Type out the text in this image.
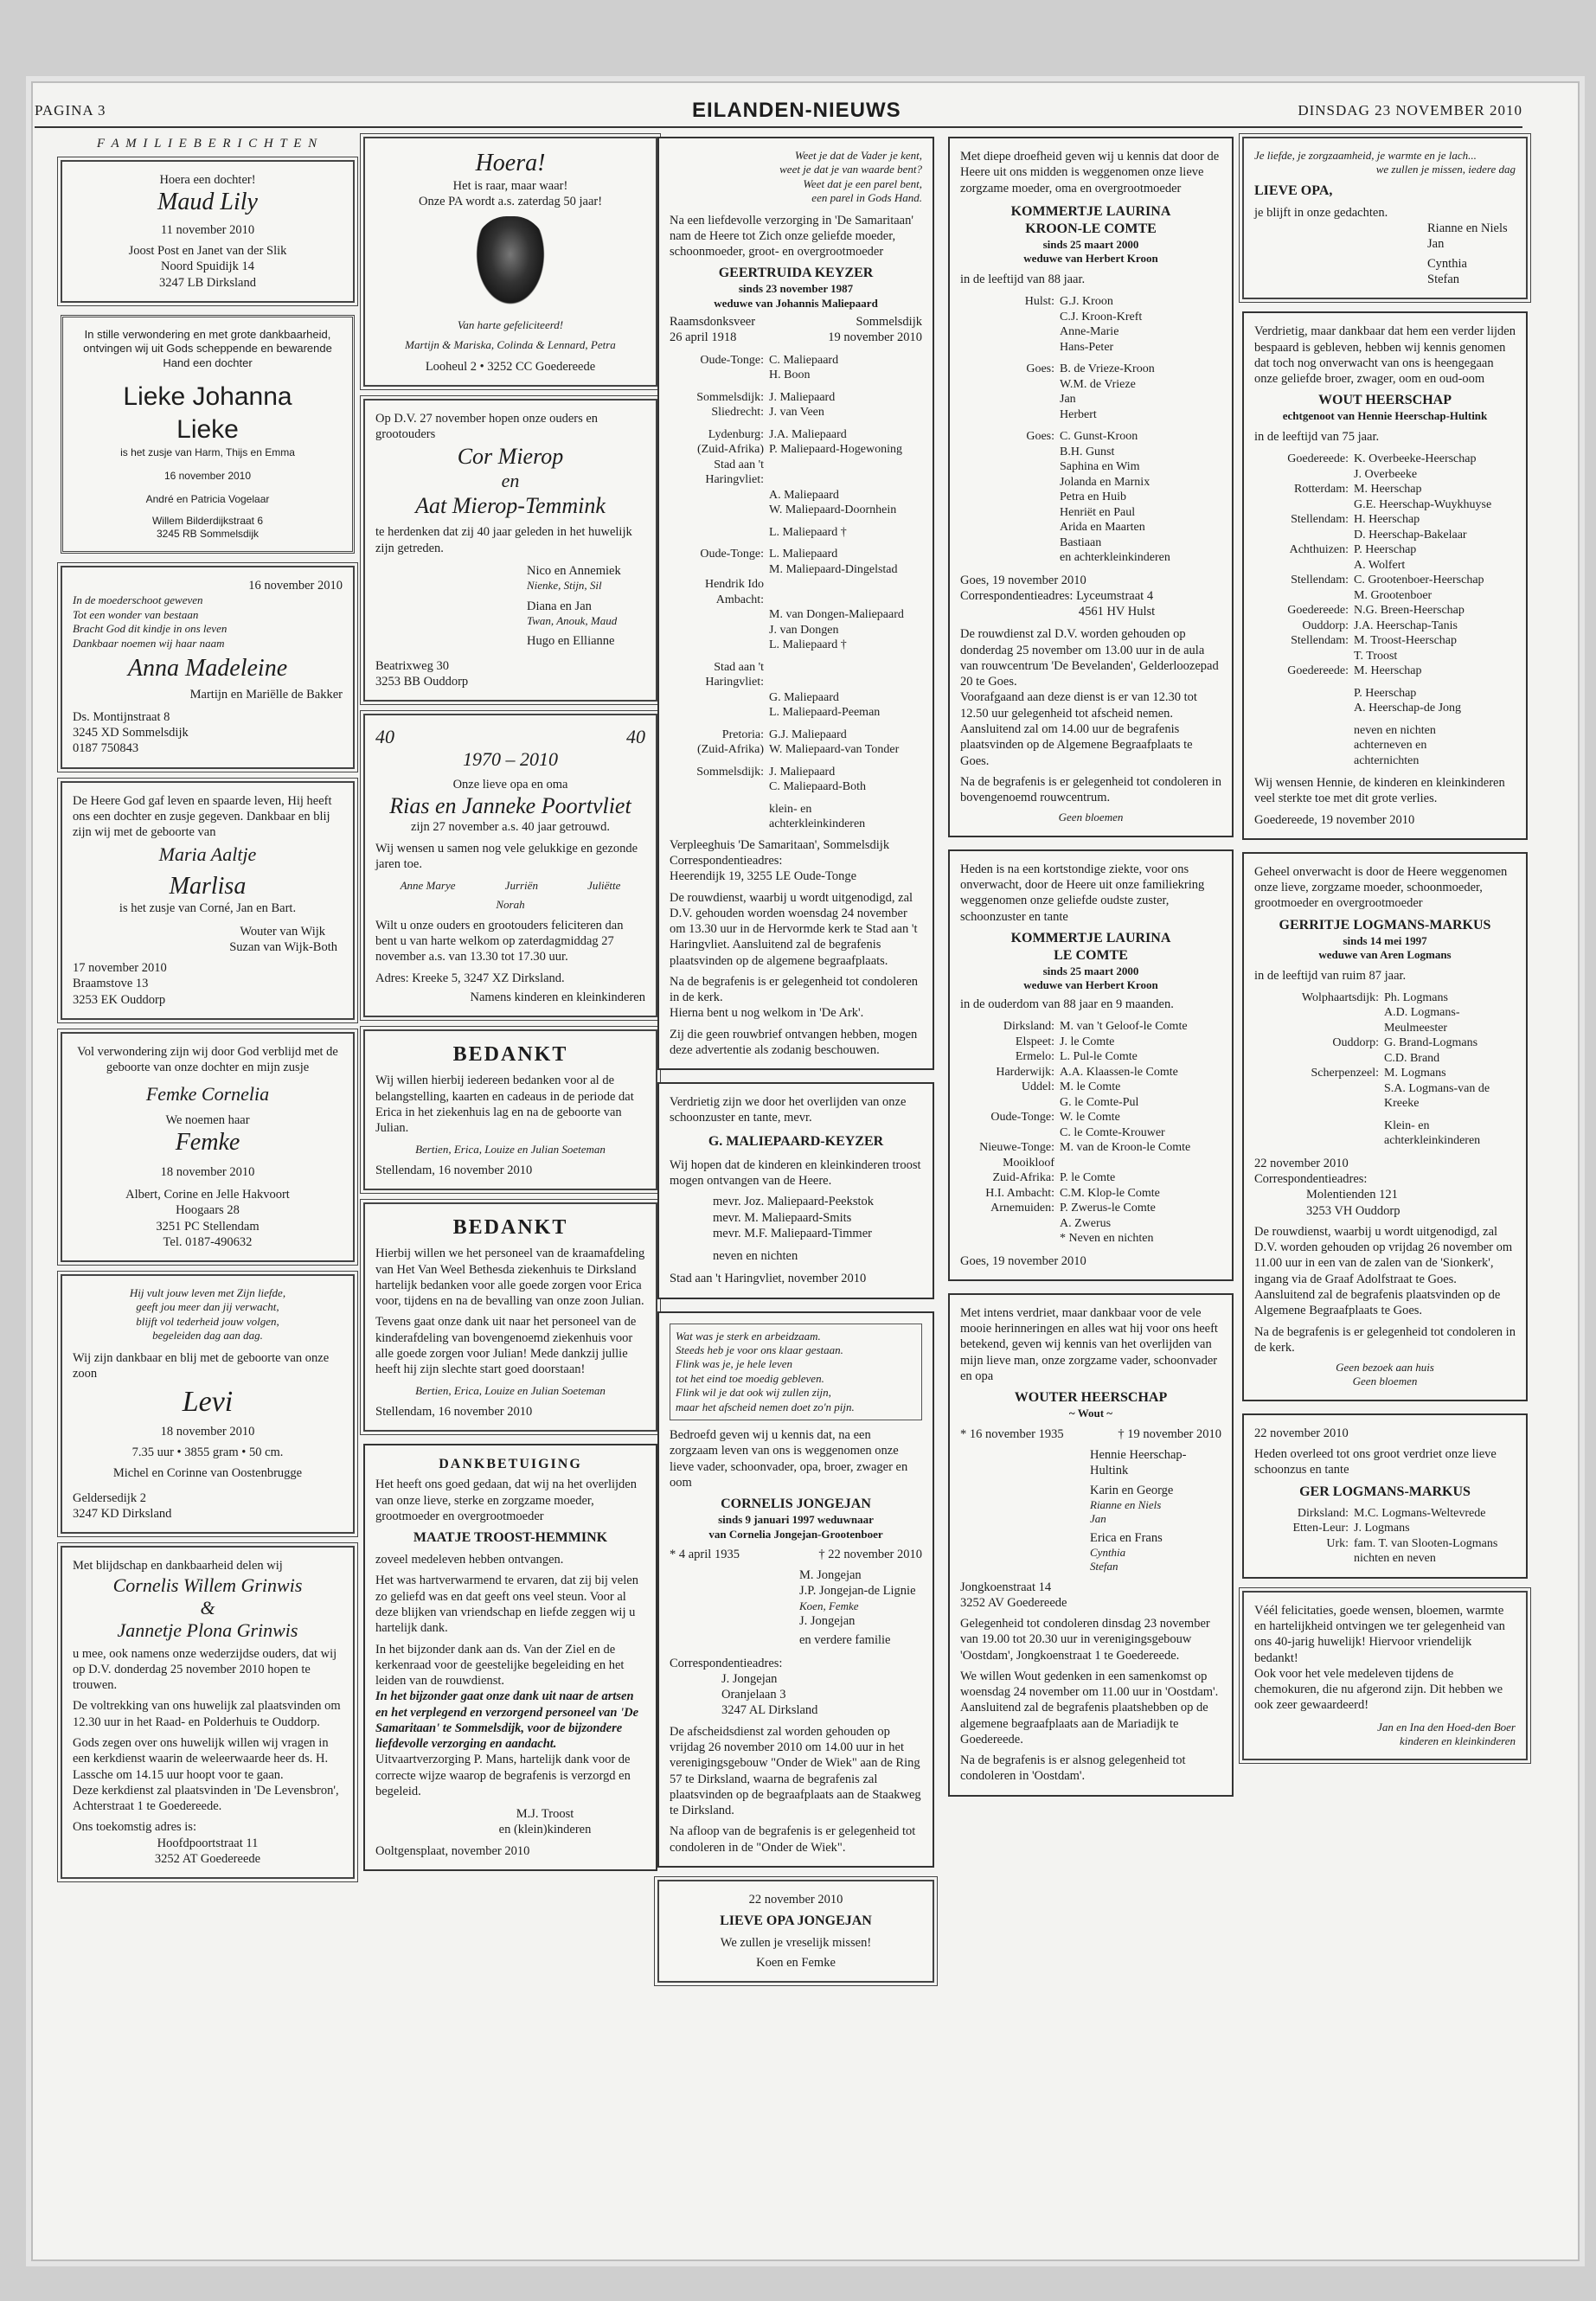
PAGINA 3	EILANDEN-NIEUWS	DINSDAG 23 NOVEMBER 2010
F A M I L I E B E R I C H T E N
Hoera een dochter!
Maud Lily
11 november 2010
Joost Post en Janet van der Slik
Noord Spuidijk 14
3247 LB Dirksland
In stille verwondering en met grote dankbaarheid, ontvingen wij uit Gods scheppende en bewarende Hand een dochter
Lieke Johanna
Lieke
is het zusje van Harm, Thijs en Emma
16 november 2010
André en Patricia Vogelaar
Willem Bilderdijkstraat 6
3245 RB Sommelsdijk
16 november 2010
In de moederschoot geweven
Tot een wonder van bestaan
Bracht God dit kindje in ons leven
Dankbaar noemen wij haar naam
Anna Madeleine
Martijn en Mariëlle de Bakker
Ds. Montijnstraat 8
3245 XD Sommelsdijk
0187 750843
De Heere God gaf leven en spaarde leven, Hij heeft ons een dochter en zusje gegeven. Dankbaar en blij zijn wij met de geboorte van
Maria Aaltje
Marlisa
is het zusje van Corné, Jan en Bart.
Wouter van Wijk
Suzan van Wijk-Both
17 november 2010
Braamstove 13
3253 EK Ouddorp
Vol verwondering zijn wij door God verblijd met de geboorte van onze dochter en mijn zusje
Femke Cornelia
We noemen haar
Femke
18 november 2010
Albert, Corine en Jelle Hakvoort
Hoogaars 28
3251 PC Stellendam
Tel. 0187-490632
Hij vult jouw leven met Zijn liefde,
geeft jou meer dan jij verwacht,
blijft vol tederheid jouw volgen,
begeleiden dag aan dag.
Wij zijn dankbaar en blij met de geboorte van onze zoon
Levi
18 november 2010
7.35 uur • 3855 gram • 50 cm.
Michel en Corinne van Oostenbrugge
Geldersedijk 2
3247 KD Dirksland
Met blijdschap en dankbaarheid delen wij
Cornelis Willem Grinwis
&
Jannetje Plona Grinwis
u mee, ook namens onze wederzijdse ouders, dat wij op D.V. donderdag 25 november 2010 hopen te trouwen.
De voltrekking van ons huwelijk zal plaatsvinden om 12.30 uur in het Raad- en Polderhuis te Ouddorp.
Gods zegen over ons huwelijk willen wij vragen in een kerkdienst waarin de weleerwaarde heer ds. H. Lassche om 14.15 uur hoopt voor te gaan.
Deze kerkdienst zal plaatsvinden in 'De Levensbron', Achterstraat 1 te Goedereede.
Ons toekomstig adres is:
Hoofdpoortstraat 11
3252 AT Goedereede
Hoera!
Het is raar, maar waar!
Onze PA wordt a.s. zaterdag 50 jaar!
Van harte gefeliciteerd!
Martijn & Mariska, Colinda & Lennard, Petra
Looheul 2 • 3252 CC Goedereede
Op D.V. 27 november hopen onze ouders en grootouders
Cor Mierop
en
Aat Mierop-Temmink
te herdenken dat zij 40 jaar geleden in het huwelijk zijn getreden.
Nico en Annemiek
Nienke, Stijn, Sil
Diana en Jan
Twan, Anouk, Maud
Hugo en Ellianne
Beatrixweg 30
3253 BB Ouddorp
40	40
1970 – 2010
Onze lieve opa en oma
Rias en Janneke Poortvliet
zijn 27 november a.s. 40 jaar getrouwd.
Wij wensen u samen nog vele gelukkige en gezonde jaren toe.
Anne Marye	Jurriën	Juliëtte
Norah
Wilt u onze ouders en grootouders feliciteren dan bent u van harte welkom op zaterdagmiddag 27 november a.s. van 13.30 tot 17.30 uur.
Adres: Kreeke 5, 3247 XZ Dirksland.
Namens kinderen en kleinkinderen
BEDANKT
Wij willen hierbij iedereen bedanken voor al de belangstelling, kaarten en cadeaus in de periode dat Erica in het ziekenhuis lag en na de geboorte van Julian.
Bertien, Erica, Louize en Julian Soeteman
Stellendam, 16 november 2010
BEDANKT
Hierbij willen we het personeel van de kraamafdeling van Het Van Weel Bethesda ziekenhuis te Dirksland hartelijk bedanken voor alle goede zorgen voor Erica voor, tijdens en na de bevalling van onze zoon Julian.
Tevens gaat onze dank uit naar het personeel van de kinderafdeling van bovengenoemd ziekenhuis voor alle goede zorgen voor Julian! Mede dankzij jullie heeft hij zijn slechte start goed doorstaan!
Bertien, Erica, Louize en Julian Soeteman
Stellendam, 16 november 2010
DANKBETUIGING
Het heeft ons goed gedaan, dat wij na het overlijden van onze lieve, sterke en zorgzame moeder, grootmoeder en overgrootmoeder
MAATJE TROOST-HEMMINK
zoveel medeleven hebben ontvangen.
Het was hartverwarmend te ervaren, dat zij bij velen zo geliefd was en dat geeft ons veel steun. Voor al deze blijken van vriendschap en liefde zeggen wij u hartelijk dank.
In het bijzonder dank aan ds. Van der Ziel en de kerkenraad voor de geestelijke begeleiding en het leiden van de rouwdienst.
In het bijzonder gaat onze dank uit naar de artsen en het verplegend en verzorgend personeel van 'De Samaritaan' te Sommelsdijk, voor de bijzondere liefdevolle verzorging en aandacht.
Uitvaartverzorging P. Mans, hartelijk dank voor de correcte wijze waarop de begrafenis is verzorgd en begeleid.
M.J. Troost
en (klein)kinderen
Ooltgensplaat, november 2010
Weet je dat de Vader je kent,
weet je dat je van waarde bent?
Weet dat je een parel bent,
een parel in Gods Hand.
Na een liefdevolle verzorging in 'De Samaritaan' nam de Heere tot Zich onze geliefde moeder, schoonmoeder, groot- en overgrootmoeder
GEERTRUIDA KEYZER
sinds 23 november 1987
weduwe van Johannis Maliepaard
Raamsdonksveer	Sommelsdijk
26 april 1918	19 november 2010
Oude-Tonge: C. Maliepaard
H. Boon
Sommelsdijk: J. Maliepaard
Sliedrecht: J. van Veen
Lydenburg: J.A. Maliepaard
(Zuid-Afrika) P. Maliepaard-Hogewoning
Stad aan 't Haringvliet:
A. Maliepaard
W. Maliepaard-Doornhein
L. Maliepaard †
Oude-Tonge: L. Maliepaard
M. Maliepaard-Dingelstad
Hendrik Ido Ambacht:
M. van Dongen-Maliepaard
J. van Dongen
L. Maliepaard †
Stad aan 't Haringvliet:
G. Maliepaard
L. Maliepaard-Peeman
Pretoria: G.J. Maliepaard
(Zuid-Afrika) W. Maliepaard-van Tonder
Sommelsdijk: J. Maliepaard
C. Maliepaard-Both
klein- en
achterkleinkinderen
Verpleeghuis 'De Samaritaan', Sommelsdijk
Correspondentieadres:
Heerendijk 19, 3255 LE Oude-Tonge
De rouwdienst, waarbij u wordt uitgenodigd, zal D.V. gehouden worden woensdag 24 november om 13.30 uur in de Hervormde kerk te Stad aan 't Haringvliet. Aansluitend zal de begrafenis plaatsvinden op de algemene begraafplaats.
Na de begrafenis is er gelegenheid tot condoleren in de kerk.
Hierna bent u nog welkom in 'De Ark'.
Zij die geen rouwbrief ontvangen hebben, mogen deze advertentie als zodanig beschouwen.
Verdrietig zijn we door het overlijden van onze schoonzuster en tante, mevr.
G. MALIEPAARD-KEYZER
Wij hopen dat de kinderen en kleinkinderen troost mogen ontvangen van de Heere.
mevr. Joz. Maliepaard-Peekstok
mevr. M. Maliepaard-Smits
mevr. M.F. Maliepaard-Timmer
neven en nichten
Stad aan 't Haringvliet, november 2010
Wat was je sterk en arbeidzaam.
Steeds heb je voor ons klaar gestaan.
Flink was je, je hele leven
tot het eind toe moedig gebleven.
Flink wil je dat ook wij zullen zijn,
maar het afscheid nemen doet zo'n pijn.
Bedroefd geven wij u kennis dat, na een zorgzaam leven van ons is weggenomen onze lieve vader, schoonvader, opa, broer, zwager en oom
CORNELIS JONGEJAN
sinds 9 januari 1997 weduwnaar
van Cornelia Jongejan-Grootenboer
* 4 april 1935	† 22 november 2010
M. Jongejan
J.P. Jongejan-de Lignie
Koen, Femke
J. Jongejan
en verdere familie
Correspondentieadres:
J. Jongejan
Oranjelaan 3
3247 AL Dirksland
De afscheidsdienst zal worden gehouden op vrijdag 26 november 2010 om 14.00 uur in het verenigingsgebouw "Onder de Wiek" aan de Ring 57 te Dirksland, waarna de begrafenis zal plaatsvinden op de begraafplaats aan de Staakweg te Dirksland.
Na afloop van de begrafenis is er gelegenheid tot condoleren in de "Onder de Wiek".
22 november 2010
LIEVE OPA JONGEJAN
We zullen je vreselijk missen!
Koen en Femke
Met diepe droefheid geven wij u kennis dat door de Heere uit ons midden is weggenomen onze lieve zorgzame moeder, oma en overgrootmoeder
KOMMERTJE LAURINA
KROON-LE COMTE
sinds 25 maart 2000
weduwe van Herbert Kroon
in de leeftijd van 88 jaar.
Hulst: G.J. Kroon
C.J. Kroon-Kreft
Anne-Marie
Hans-Peter
Goes: B. de Vrieze-Kroon
W.M. de Vrieze
Jan
Herbert
Goes: C. Gunst-Kroon
B.H. Gunst
Saphina en Wim
Jolanda en Marnix
Petra en Huib
Henriët en Paul
Arida en Maarten
Bastiaan
en achterkleinkinderen
Goes, 19 november 2010
Correspondentieadres: Lyceumstraat 4
4561 HV Hulst
De rouwdienst zal D.V. worden gehouden op donderdag 25 november om 13.00 uur in de aula van rouwcentrum 'De Bevelanden', Gelderloozepad 20 te Goes.
Voorafgaand aan deze dienst is er van 12.30 tot 12.50 uur gelegenheid tot afscheid nemen. Aansluitend zal om 14.00 uur de begrafenis plaatsvinden op de Algemene Begraafplaats te Goes.
Na de begrafenis is er gelegenheid tot condoleren in bovengenoemd rouwcentrum.
Geen bloemen
Heden is na een kortstondige ziekte, voor ons onverwacht, door de Heere uit onze familiekring weggenomen onze geliefde oudste zuster, schoonzuster en tante
KOMMERTJE LAURINA
LE COMTE
sinds 25 maart 2000
weduwe van Herbert Kroon
in de ouderdom van 88 jaar en 9 maanden.
Dirksland: M. van 't Geloof-le Comte
Elspeet: J. le Comte
Ermelo: L. Pul-le Comte
Harderwijk: A.A. Klaassen-le Comte
Uddel: M. le Comte
G. le Comte-Pul
Oude-Tonge: W. le Comte
C. le Comte-Krouwer
Nieuwe-Tonge: M. van de Kroon-le Comte
Mooikloof
Zuid-Afrika: P. le Comte
H.I. Ambacht: C.M. Klop-le Comte
Arnemuiden: P. Zwerus-le Comte
A. Zwerus
* Neven en nichten
Goes, 19 november 2010
Met intens verdriet, maar dankbaar voor de vele mooie herinneringen en alles wat hij voor ons heeft betekend, geven wij kennis van het overlijden van mijn lieve man, onze zorgzame vader, schoonvader en opa
WOUTER HEERSCHAP
~ Wout ~
* 16 november 1935	† 19 november 2010
Hennie Heerschap-Hultink
Karin en George
Rianne en Niels
Jan
Erica en Frans
Cynthia
Stefan
Jongkoenstraat 14
3252 AV Goedereede
Gelegenheid tot condoleren dinsdag 23 november van 19.00 tot 20.30 uur in verenigingsgebouw 'Oostdam', Jongkoenstraat 1 te Goedereede.
We willen Wout gedenken in een samenkomst op woensdag 24 november om 11.00 uur in 'Oostdam'.
Aansluitend zal de begrafenis plaatshebben op de algemene begraafplaats aan de Mariadijk te Goedereede.
Na de begrafenis is er alsnog gelegenheid tot condoleren in 'Oostdam'.
Je liefde, je zorgzaamheid, je warmte en je lach...
we zullen je missen, iedere dag
LIEVE OPA,
je blijft in onze gedachten.
Rianne en Niels
Jan
Cynthia
Stefan
Verdrietig, maar dankbaar dat hem een verder lijden bespaard is gebleven, hebben wij kennis genomen dat toch nog onverwacht van ons is heengegaan onze geliefde broer, zwager, oom en oud-oom
WOUT HEERSCHAP
echtgenoot van Hennie Heerschap-Hultink
in de leeftijd van 75 jaar.
Goedereede: K. Overbeeke-Heerschap
J. Overbeeke
Rotterdam: M. Heerschap
G.E. Heerschap-Wuykhuyse
Stellendam: H. Heerschap
D. Heerschap-Bakelaar
Achthuizen: P. Heerschap
A. Wolfert
Stellendam: C. Grootenboer-Heerschap
M. Grootenboer
Goedereede: N.G. Breen-Heerschap
Ouddorp: J.A. Heerschap-Tanis
Stellendam: M. Troost-Heerschap
T. Troost
Goedereede: M. Heerschap
P. Heerschap
A. Heerschap-de Jong
neven en nichten
achterneven en
achternichten
Wij wensen Hennie, de kinderen en kleinkinderen veel sterkte toe met dit grote verlies.
Goedereede, 19 november 2010
Geheel onverwacht is door de Heere weggenomen onze lieve, zorgzame moeder, schoonmoeder, grootmoeder en overgrootmoeder
GERRITJE LOGMANS-MARKUS
sinds 14 mei 1997
weduwe van Aren Logmans
in de leeftijd van ruim 87 jaar.
Wolphaartsdijk: Ph. Logmans
A.D. Logmans-Meulmeester
Ouddorp: G. Brand-Logmans
C.D. Brand
Scherpenzeel: M. Logmans
S.A. Logmans-van de Kreeke
Klein- en
achterkleinkinderen
22 november 2010
Correspondentieadres:
Molentienden 121
3253 VH Ouddorp
De rouwdienst, waarbij u wordt uitgenodigd, zal D.V. worden gehouden op vrijdag 26 november om 11.00 uur in een van de zalen van de 'Sionkerk', ingang via de Graaf Adolfstraat te Goes.
Aansluitend zal de begrafenis plaatsvinden op de Algemene Begraafplaats te Goes.
Na de begrafenis is er gelegenheid tot condoleren in de kerk.
Geen bezoek aan huis
Geen bloemen
22 november 2010
Heden overleed tot ons groot verdriet onze lieve schoonzus en tante
GER LOGMANS-MARKUS
Dirksland: M.C. Logmans-Weltevrede
Etten-Leur: J. Logmans
Urk: fam. T. van Slooten-Logmans
nichten en neven
Véél felicitaties, goede wensen, bloemen, warmte en hartelijkheid ontvingen we ter gelegenheid van ons 40-jarig huwelijk! Hiervoor vriendelijk bedankt!
Ook voor het vele medeleven tijdens de chemokuren, die nu afgerond zijn. Dit hebben we ook zeer gewaardeerd!
Jan en Ina den Hoed-den Boer
kinderen en kleinkinderen
